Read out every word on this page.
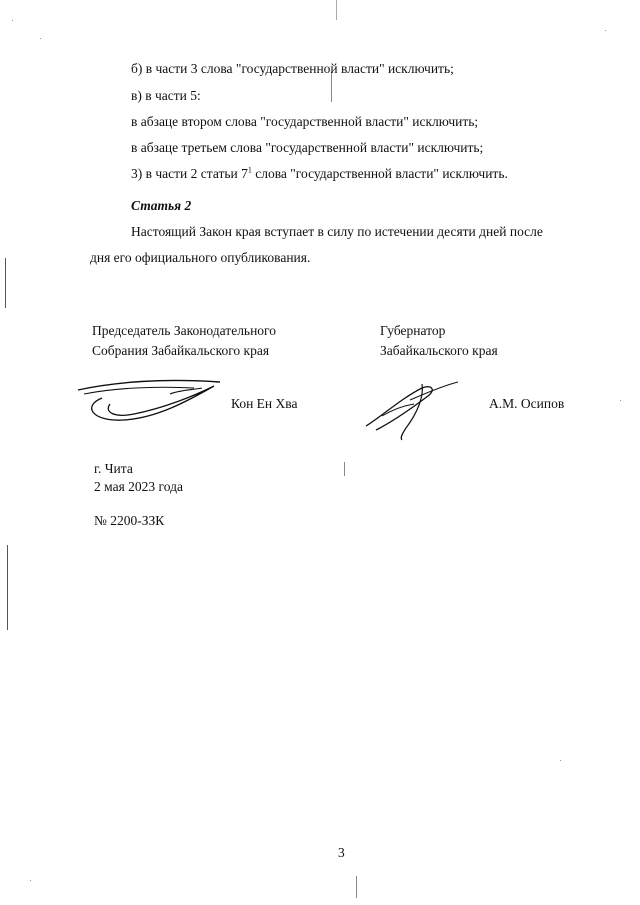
б) в части 3 слова "государственной власти" исключить;
в) в части 5:
в абзаце втором слова "государственной власти" исключить;
в абзаце третьем слова "государственной власти" исключить;
3) в части 2 статьи $7^1$ слова "государственной власти" исключить.
Статья 2
Настоящий Закон края вступает в силу по истечении десяти дней после
дня его официального опубликования.
Председатель Законодательного
Собрания Забайкальского края
Губернатор
Забайкальского края
Кон Ен Хва	А.М. Осипов
г. Чита
2 мая 2023 года
№ 2200-ЗЗК
3
